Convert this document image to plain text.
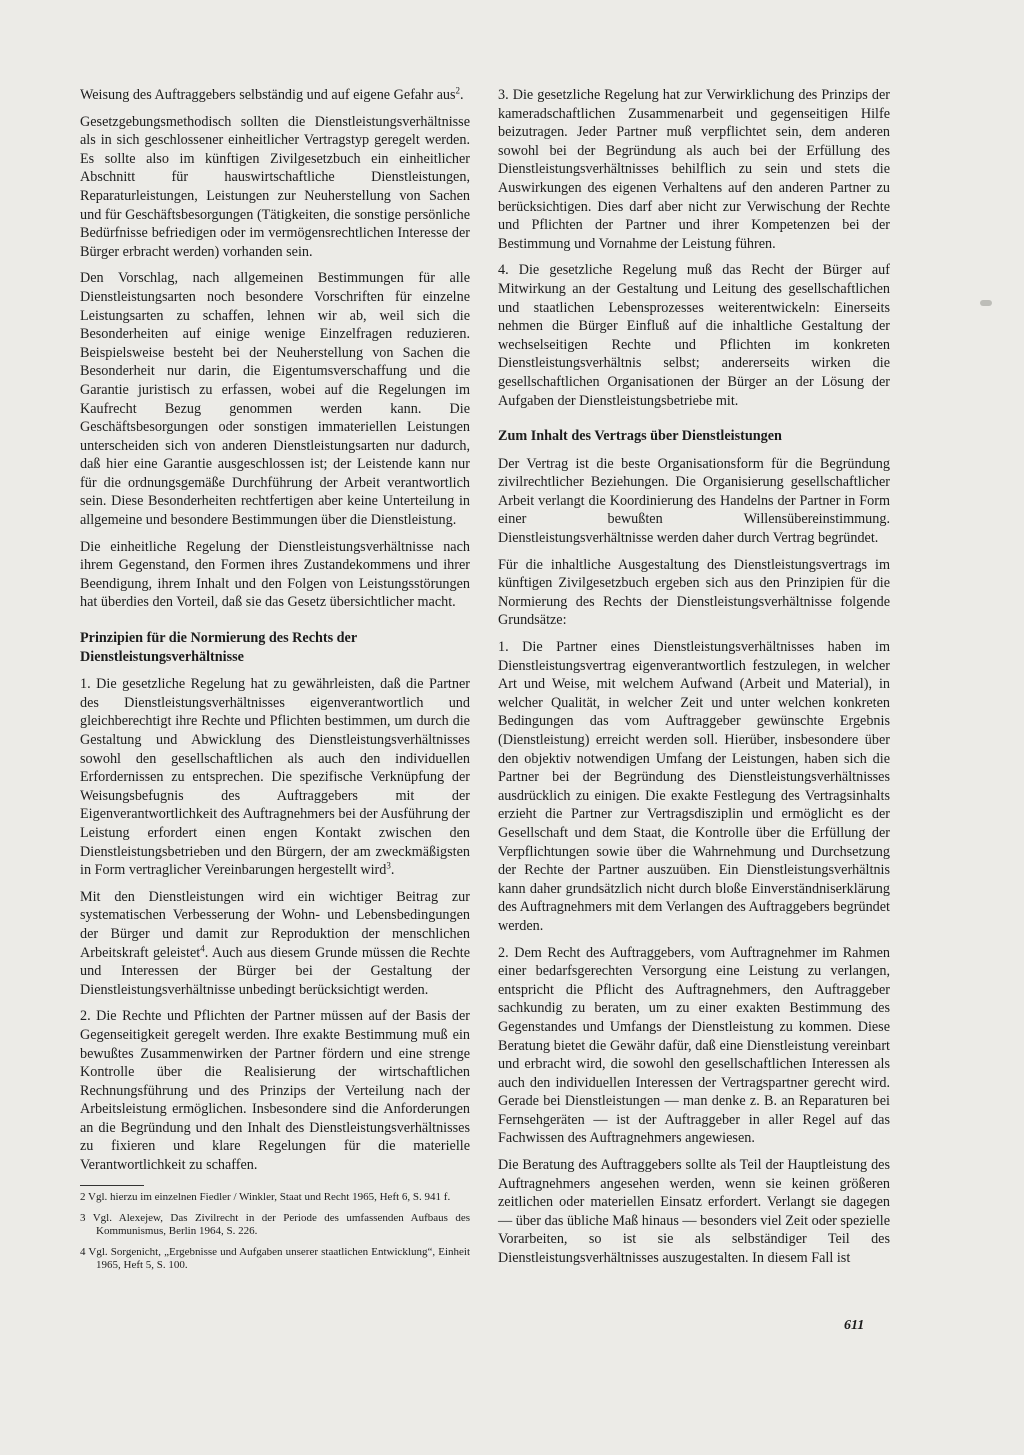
Weisung des Auftraggebers selbständig und auf eigene Gefahr aus$^2$.

Gesetzgebungsmethodisch sollten die Dienstleistungsverhältnisse als in sich geschlossener einheitlicher Vertragstyp geregelt werden. Es sollte also im künftigen Zivilgesetzbuch ein einheitlicher Abschnitt für hauswirtschaftliche Dienstleistungen, Reparaturleistungen, Leistungen zur Neuherstellung von Sachen und für Geschäftsbesorgungen (Tätigkeiten, die sonstige persönliche Bedürfnisse befriedigen oder im vermögensrechtlichen Interesse der Bürger erbracht werden) vorhanden sein.

Den Vorschlag, nach allgemeinen Bestimmungen für alle Dienstleistungsarten noch besondere Vorschriften für einzelne Leistungsarten zu schaffen, lehnen wir ab, weil sich die Besonderheiten auf einige wenige Einzelfragen reduzieren. Beispielsweise besteht bei der Neuherstellung von Sachen die Besonderheit nur darin, die Eigentumsverschaffung und die Garantie juristisch zu erfassen, wobei auf die Regelungen im Kaufrecht Bezug genommen werden kann. Die Geschäftsbesorgungen oder sonstigen immateriellen Leistungen unterscheiden sich von anderen Dienstleistungsarten nur dadurch, daß hier eine Garantie ausgeschlossen ist; der Leistende kann nur für die ordnungsgemäße Durchführung der Arbeit verantwortlich sein. Diese Besonderheiten rechtfertigen aber keine Unterteilung in allgemeine und besondere Bestimmungen über die Dienstleistung.

Die einheitliche Regelung der Dienstleistungsverhältnisse nach ihrem Gegenstand, den Formen ihres Zustandekommens und ihrer Beendigung, ihrem Inhalt und den Folgen von Leistungsstörungen hat überdies den Vorteil, daß sie das Gesetz übersichtlicher macht.

Prinzipien für die Normierung des Rechts der Dienstleistungsverhältnisse

1. Die gesetzliche Regelung hat zu gewährleisten, daß die Partner des Dienstleistungsverhältnisses eigenverantwortlich und gleichberechtigt ihre Rechte und Pflichten bestimmen, um durch die Gestaltung und Abwicklung des Dienstleistungsverhältnisses sowohl den gesellschaftlichen als auch den individuellen Erfordernissen zu entsprechen. Die spezifische Verknüpfung der Weisungsbefugnis des Auftraggebers mit der Eigenverantwortlichkeit des Auftragnehmers bei der Ausführung der Leistung erfordert einen engen Kontakt zwischen den Dienstleistungsbetrieben und den Bürgern, der am zweckmäßigsten in Form vertraglicher Vereinbarungen hergestellt wird$^3$.

Mit den Dienstleistungen wird ein wichtiger Beitrag zur systematischen Verbesserung der Wohn- und Lebensbedingungen der Bürger und damit zur Reproduktion der menschlichen Arbeitskraft geleistet$^4$. Auch aus diesem Grunde müssen die Rechte und Interessen der Bürger bei der Gestaltung der Dienstleistungsverhältnisse unbedingt berücksichtigt werden.

2. Die Rechte und Pflichten der Partner müssen auf der Basis der Gegenseitigkeit geregelt werden. Ihre exakte Bestimmung muß ein bewußtes Zusammenwirken der Partner fördern und eine strenge Kontrolle über die Realisierung der wirtschaftlichen Rechnungsführung und des Prinzips der Verteilung nach der Arbeitsleistung ermöglichen. Insbesondere sind die Anforderungen an die Begründung und den Inhalt des Dienstleistungsverhältnisses zu fixieren und klare Regelungen für die materielle Verantwortlichkeit zu schaffen.

2 Vgl. hierzu im einzelnen Fiedler / Winkler, Staat und Recht 1965, Heft 6, S. 941 f.

3 Vgl. Alexejew, Das Zivilrecht in der Periode des umfassenden Aufbaus des Kommunismus, Berlin 1964, S. 226.

4 Vgl. Sorgenicht, „Ergebnisse und Aufgaben unserer staatlichen Entwicklung“, Einheit 1965, Heft 5, S. 100.

3. Die gesetzliche Regelung hat zur Verwirklichung des Prinzips der kameradschaftlichen Zusammenarbeit und gegenseitigen Hilfe beizutragen. Jeder Partner muß verpflichtet sein, dem anderen sowohl bei der Begründung als auch bei der Erfüllung des Dienstleistungsverhältnisses behilflich zu sein und stets die Auswirkungen des eigenen Verhaltens auf den anderen Partner zu berücksichtigen. Dies darf aber nicht zur Verwischung der Rechte und Pflichten der Partner und ihrer Kompetenzen bei der Bestimmung und Vornahme der Leistung führen.

4. Die gesetzliche Regelung muß das Recht der Bürger auf Mitwirkung an der Gestaltung und Leitung des gesellschaftlichen und staatlichen Lebensprozesses weiterentwickeln: Einerseits nehmen die Bürger Einfluß auf die inhaltliche Gestaltung der wechselseitigen Rechte und Pflichten im konkreten Dienstleistungsverhältnis selbst; andererseits wirken die gesellschaftlichen Organisationen der Bürger an der Lösung der Aufgaben der Dienstleistungsbetriebe mit.

Zum Inhalt des Vertrags über Dienstleistungen

Der Vertrag ist die beste Organisationsform für die Begründung zivilrechtlicher Beziehungen. Die Organisierung gesellschaftlicher Arbeit verlangt die Koordinierung des Handelns der Partner in Form einer bewußten Willensübereinstimmung. Dienstleistungsverhältnisse werden daher durch Vertrag begründet.

Für die inhaltliche Ausgestaltung des Dienstleistungsvertrags im künftigen Zivilgesetzbuch ergeben sich aus den Prinzipien für die Normierung des Rechts der Dienstleistungsverhältnisse folgende Grundsätze:

1. Die Partner eines Dienstleistungsverhältnisses haben im Dienstleistungsvertrag eigenverantwortlich festzulegen, in welcher Art und Weise, mit welchem Aufwand (Arbeit und Material), in welcher Qualität, in welcher Zeit und unter welchen konkreten Bedingungen das vom Auftraggeber gewünschte Ergebnis (Dienstleistung) erreicht werden soll. Hierüber, insbesondere über den objektiv notwendigen Umfang der Leistungen, haben sich die Partner bei der Begründung des Dienstleistungsverhältnisses ausdrücklich zu einigen. Die exakte Festlegung des Vertragsinhalts erzieht die Partner zur Vertragsdisziplin und ermöglicht es der Gesellschaft und dem Staat, die Kontrolle über die Erfüllung der Verpflichtungen sowie über die Wahrnehmung und Durchsetzung der Rechte der Partner auszuüben. Ein Dienstleistungsverhältnis kann daher grundsätzlich nicht durch bloße Einverständniserklärung des Auftragnehmers mit dem Verlangen des Auftraggebers begründet werden.

2. Dem Recht des Auftraggebers, vom Auftragnehmer im Rahmen einer bedarfsgerechten Versorgung eine Leistung zu verlangen, entspricht die Pflicht des Auftragnehmers, den Auftraggeber sachkundig zu beraten, um zu einer exakten Bestimmung des Gegenstandes und Umfangs der Dienstleistung zu kommen. Diese Beratung bietet die Gewähr dafür, daß eine Dienstleistung vereinbart und erbracht wird, die sowohl den gesellschaftlichen Interessen als auch den individuellen Interessen der Vertragspartner gerecht wird. Gerade bei Dienstleistungen — man denke z. B. an Reparaturen bei Fernsehgeräten — ist der Auftraggeber in aller Regel auf das Fachwissen des Auftragnehmers angewiesen.

Die Beratung des Auftraggebers sollte als Teil der Hauptleistung des Auftragnehmers angesehen werden, wenn sie keinen größeren zeitlichen oder materiellen Einsatz erfordert. Verlangt sie dagegen — über das übliche Maß hinaus — besonders viel Zeit oder spezielle Vorarbeiten, so ist sie als selbständiger Teil des Dienstleistungsverhältnisses auszugestalten. In diesem Fall ist

611
